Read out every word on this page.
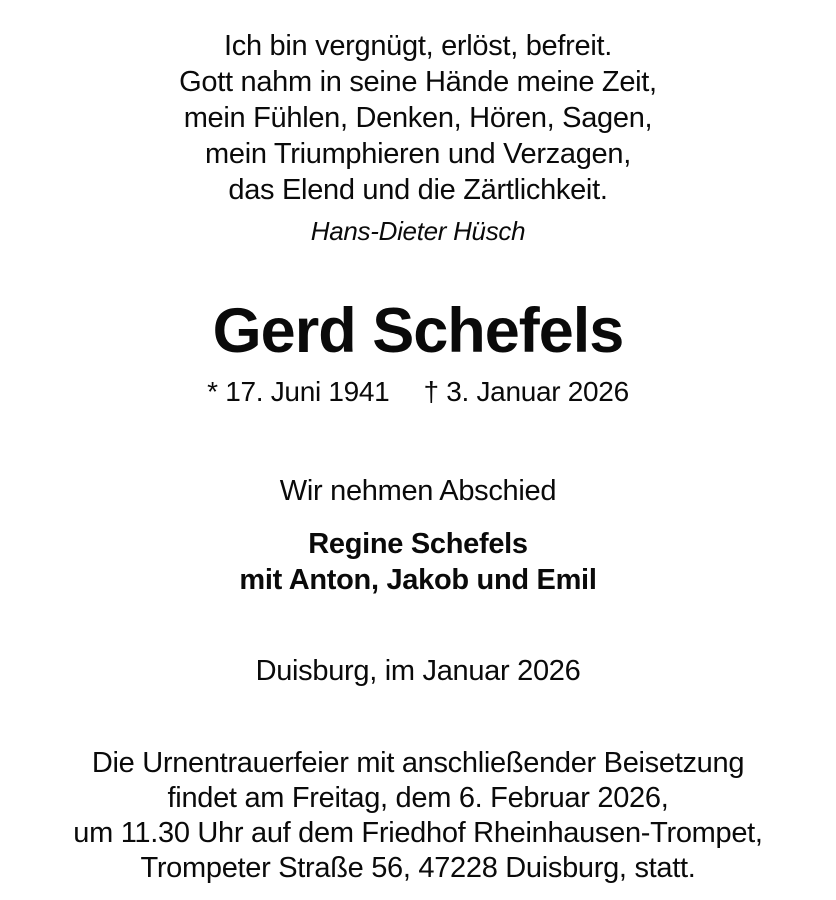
Ich bin vergnügt, erlöst, befreit.

Gott nahm in seine Hände meine Zeit,

mein Fühlen, Denken, Hören, Sagen,

mein Triumphieren und Verzagen,

das Elend und die Zärtlichkeit.

Hans-Dieter Hüsch

Gerd Schefels

* 17. Juni 1941 † 3. Januar 2026

Wir nehmen Abschied

Regine Schefels

mit Anton, Jakob und Emil

Duisburg, im Januar 2026

Die Urnentrauerfeier mit anschließender Beisetzung

findet am Freitag, dem 6. Februar 2026,

um 11.30 Uhr auf dem Friedhof Rheinhausen-Trompet,

Trompeter Straße 56, 47228 Duisburg, statt.
